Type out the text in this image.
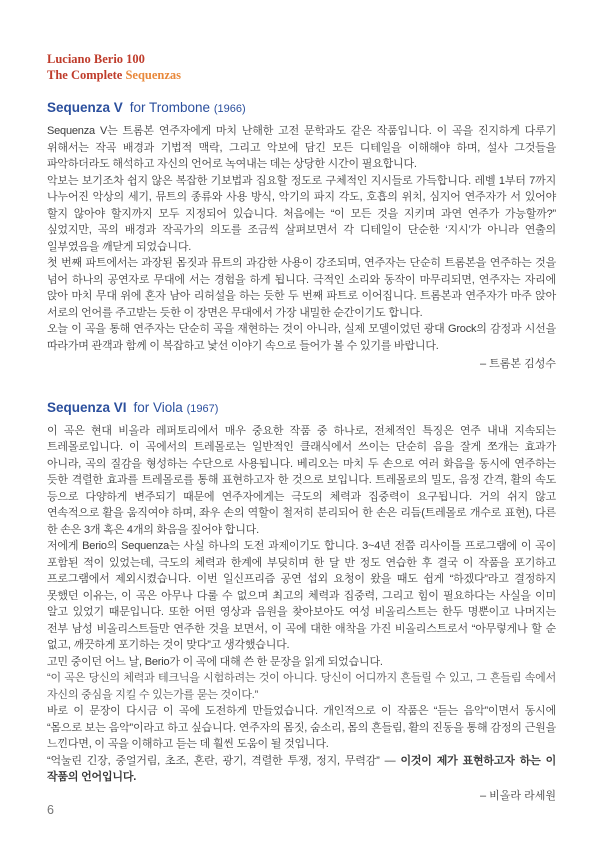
Luciano Berio 100
The Complete Sequenzas
Sequenza V for Trombone (1966)

Sequenza V는 트롬본 연주자에게 마치 난해한 고전 문학과도 같은 작품입니다. 이 곡을 진지하게 다루기 위해서는 작곡 배경과 기법적 맥락, 그리고 악보에 담긴 모든 디테일을 이해해야 하며, 설사 그것들을 파악하더라도 해석하고 자신의 언어로 녹여내는 데는 상당한 시간이 필요합니다.

악보는 보기조차 쉽지 않은 복잡한 기보법과 집요할 정도로 구체적인 지시들로 가득합니다. 레벨 1부터 7까지 나누어진 악상의 세기, 뮤트의 종류와 사용 방식, 악기의 파지 각도, 호흡의 위치, 심지어 연주자가 서 있어야 할지 않아야 할지까지 모두 지정되어 있습니다. 처음에는 “이 모든 것을 지키며 과연 연주가 가능할까?” 싶었지만, 곡의 배경과 작곡가의 의도를 조금씩 살펴보면서 각 디테일이 단순한 ‘지시’가 아니라 연출의 일부였음을 깨닫게 되었습니다.

첫 번째 파트에서는 과장된 몸짓과 뮤트의 과감한 사용이 강조되며, 연주자는 단순히 트롬본을 연주하는 것을 넘어 하나의 공연자로 무대에 서는 경험을 하게 됩니다. 극적인 소리와 동작이 마무리되면, 연주자는 자리에 앉아 마치 무대 위에 혼자 남아 리허설을 하는 듯한 두 번째 파트로 이어집니다. 트롬본과 연주자가 마주 앉아 서로의 언어를 주고받는 듯한 이 장면은 무대에서 가장 내밀한 순간이기도 합니다.

오늘 이 곡을 통해 연주자는 단순히 곡을 재현하는 것이 아니라, 실제 모델이었던 광대 Grock의 감정과 시선을 따라가며 관객과 함께 이 복잡하고 낯선 이야기 속으로 들어가 볼 수 있기를 바랍니다.

– 트롬본 김성수
Sequenza VI for Viola (1967)

이 곡은 현대 비올라 레퍼토리에서 매우 중요한 작품 중 하나로, 전체적인 특징은 연주 내내 지속되는 트레몰로입니다. 이 곡에서의 트레몰로는 일반적인 클래식에서 쓰이는 단순히 음을 잘게 쪼개는 효과가 아니라, 곡의 질감을 형성하는 수단으로 사용됩니다. 베리오는 마치 두 손으로 여러 화음을 동시에 연주하는 듯한 격렬한 효과를 트레몰로를 통해 표현하고자 한 것으로 보입니다. 트레몰로의 밀도, 음정 간격, 활의 속도 등으로 다양하게 변주되기 때문에 연주자에게는 극도의 체력과 집중력이 요구됩니다. 거의 쉬지 않고 연속적으로 활을 움직여야 하며, 좌우 손의 역할이 철저히 분리되어 한 손은 리듬(트레몰로 개수로 표현), 다른 한 손은 3개 혹은 4개의 화음을 짚어야 합니다.

저에게 Berio의 Sequenza는 사실 하나의 도전 과제이기도 합니다. 3~4년 전쯤 리사이틀 프로그램에 이 곡이 포함된 적이 있었는데, 극도의 체력과 한계에 부딪히며 한 달 반 정도 연습한 후 결국 이 작품을 포기하고 프로그램에서 제외시켰습니다. 이번 일신프리즘 공연 섭외 요청이 왔을 때도 쉽게 “하겠다”라고 결정하지 못했던 이유는, 이 곡은 아무나 다룰 수 없으며 최고의 체력과 집중력, 그리고 힘이 필요하다는 사실을 이미 알고 있었기 때문입니다. 또한 어떤 영상과 음원을 찾아보아도 여성 비올리스트는 한두 명뿐이고 나머지는 전부 남성 비올리스트들만 연주한 것을 보면서, 이 곡에 대한 애착을 가진 비올리스트로서 “아무렇게나 할 순 없고, 깨끗하게 포기하는 것이 맞다”고 생각했습니다.

고민 중이던 어느 날, Berio가 이 곡에 대해 쓴 한 문장을 읽게 되었습니다.

“이 곡은 당신의 체력과 테크닉을 시험하려는 것이 아니다. 당신이 어디까지 흔들릴 수 있고, 그 흔들림 속에서 자신의 중심을 지킬 수 있는가를 묻는 것이다.”

바로 이 문장이 다시금 이 곡에 도전하게 만들었습니다. 개인적으로 이 작품은 “듣는 음악”이면서 동시에 “몸으로 보는 음악”이라고 하고 싶습니다. 연주자의 몸짓, 숨소리, 몸의 흔들림, 활의 진동을 통해 감정의 근원을 느낀다면, 이 곡을 이해하고 듣는 데 훨씬 도움이 될 것입니다.

“억눌린 긴장, 중얼거림, 초조, 혼란, 광기, 격렬한 투쟁, 정지, 무력감” — 이것이 제가 표현하고자 하는 이 작품의 언어입니다.

– 비올라 라세원
6
